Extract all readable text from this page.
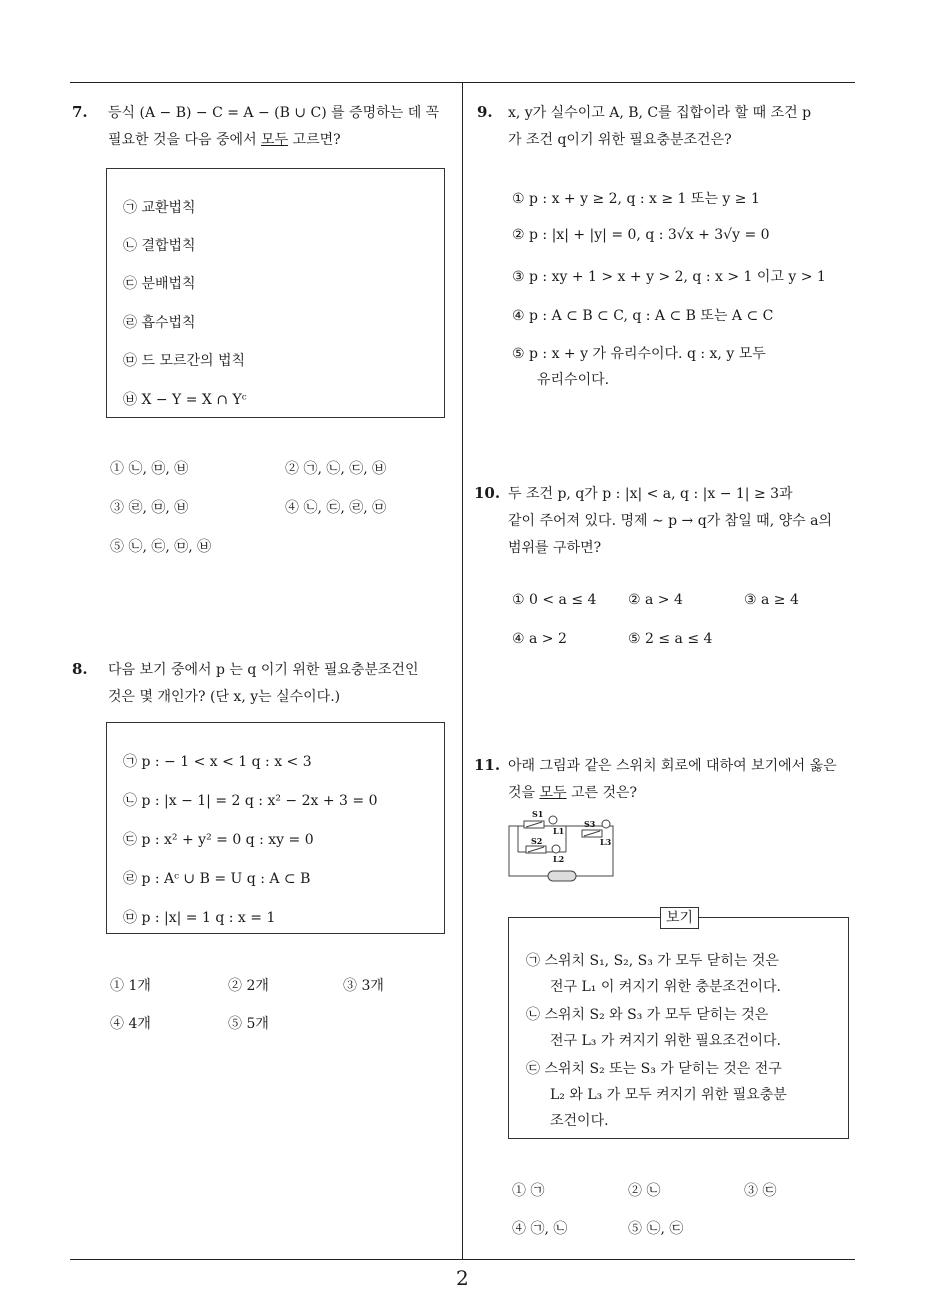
7. 등식 (A − B) − C = A − (B ∪ C) 를 증명하는 데 꼭
필요한 것을 다음 중에서 모두 고르면?
㉠ 교환법칙
㉡ 결합법칙
㉢ 분배법칙
㉣ 흡수법칙
㉤ 드 모르간의 법칙
㉥ X − Y = X ∩ Yᶜ
① ㉡, ㉤, ㉥	② ㉠, ㉡, ㉢, ㉥
③ ㉣, ㉤, ㉥	④ ㉡, ㉢, ㉣, ㉤
⑤ ㉡, ㉢, ㉤, ㉥
8. 다음 보기 중에서 p 는 q 이기 위한 필요충분조건인
것은 몇 개인가? (단 x, y는 실수이다.)
㉠ p : − 1 < x < 1 q : x < 3
㉡ p : |x − 1| = 2 q : x² − 2x + 3 = 0
㉢ p : x² + y² = 0 q : xy = 0
㉣ p : Aᶜ ∪ B = U q : A ⊂ B
㉤ p : |x| = 1 q : x = 1
① 1개	② 2개	③ 3개
④ 4개	⑤ 5개
9. x, y가 실수이고 A, B, C를 집합이라 할 때 조건 p
가 조건 q이기 위한 필요충분조건은?
① p : x + y ≥ 2, q : x ≥ 1 또는 y ≥ 1
② p : |x| + |y| = 0, q : 3√x + 3√y = 0
③ p : xy + 1 > x + y > 2, q : x > 1 이고 y > 1
④ p : A ⊂ B ⊂ C, q : A ⊂ B 또는 A ⊂ C
⑤ p : x + y 가 유리수이다. q : x, y 모두
유리수이다.
10. 두 조건 p, q가 p : |x| < a, q : |x − 1| ≥ 3과
같이 주어져 있다. 명제 ∼ p → q가 참일 때, 양수 a의
범위를 구하면?
① 0 < a ≤ 4 ② a > 4	③ a ≥ 4
④ a > 2	⑤ 2 ≤ a ≤ 4
11. 아래 그림과 같은 스위치 회로에 대하여 보기에서 옳은
것을 모두 고른 것은?
S1
L1
S3
S2	L3
L2
보기
㉠ 스위치 S₁, S₂, S₃ 가 모두 닫히는 것은
전구 L₁ 이 켜지기 위한 충분조건이다.
㉡ 스위치 S₂ 와 S₃ 가 모두 닫히는 것은
전구 L₃ 가 켜지기 위한 필요조건이다.
㉢ 스위치 S₂ 또는 S₃ 가 닫히는 것은 전구
L₂ 와 L₃ 가 모두 켜지기 위한 필요충분
조건이다.
① ㉠	② ㉡	③ ㉢
④ ㉠, ㉡	⑤ ㉡, ㉢
2
